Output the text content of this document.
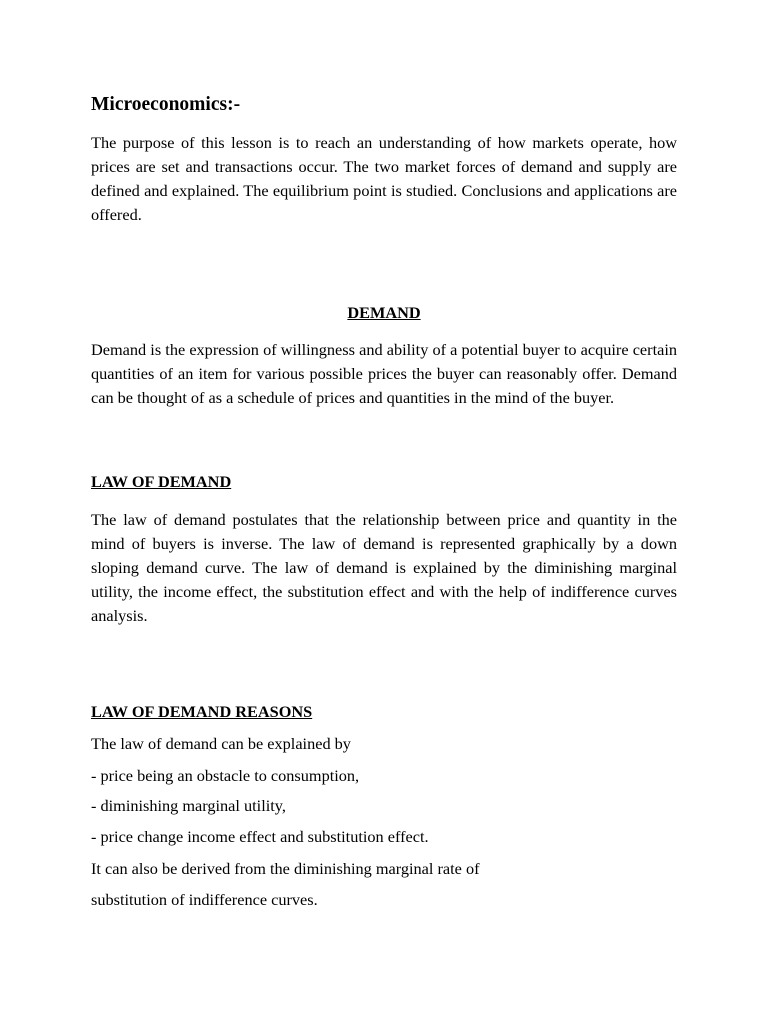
Microeconomics:-
The purpose of this lesson is to reach an understanding of how markets operate, how prices are set and transactions occur. The two market forces of demand and supply are defined and explained. The equilibrium point is studied. Conclusions and applications are offered.
DEMAND
Demand is the expression of willingness and ability of a potential buyer to acquire certain quantities of an item for various possible prices the buyer can reasonably offer. Demand can be thought of as a schedule of prices and quantities in the mind of the buyer.
LAW OF DEMAND
The law of demand postulates that the relationship between price and quantity in the mind of buyers is inverse. The law of demand is represented graphically by a down sloping demand curve. The law of demand is explained by the diminishing marginal utility, the income effect, the substitution effect and with the help of indifference curves analysis.
LAW OF DEMAND REASONS
The law of demand can be explained by
- price being an obstacle to consumption,
- diminishing marginal utility,
- price change income effect and substitution effect.
It can also be derived from the diminishing marginal rate of
substitution of indifference curves.
